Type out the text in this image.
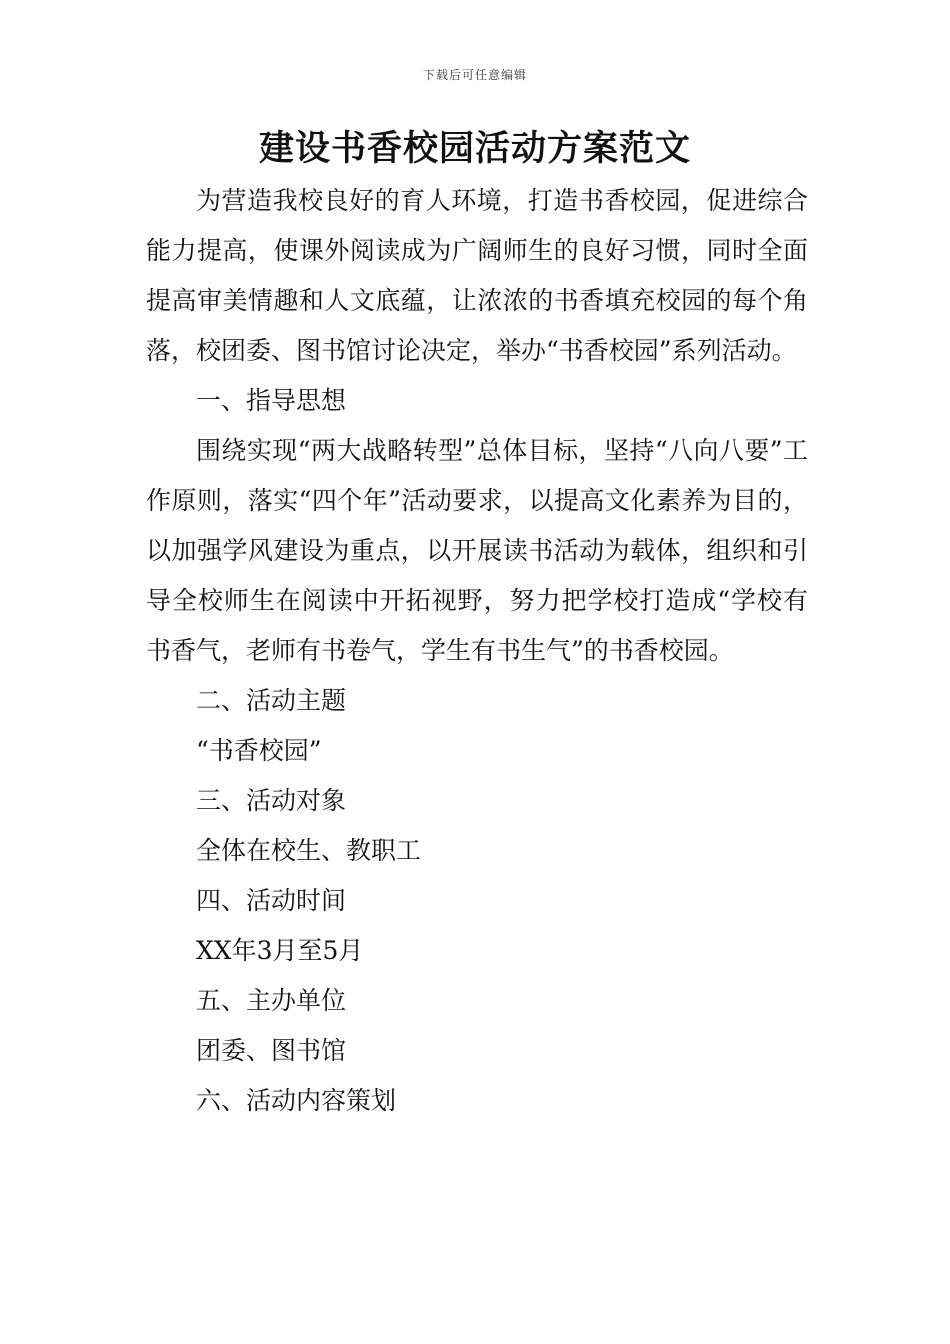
下载后可任意编辑
建设书香校园活动方案范文

为营造我校良好的育人环境，打造书香校园，促进综合能力提高，使课外阅读成为广阔师生的良好习惯，同时全面提高审美情趣和人文底蕴，让浓浓的书香填充校园的每个角落，校团委、图书馆讨论决定，举办“书香校园”系列活动。

一、指导思想

围绕实现“两大战略转型”总体目标，坚持“八向八要”工作原则，落实“四个年”活动要求，以提高文化素养为目的，以加强学风建设为重点，以开展读书活动为载体，组织和引导全校师生在阅读中开拓视野，努力把学校打造成“学校有书香气，老师有书卷气，学生有书生气”的书香校园。

二、活动主题

“书香校园”

三、活动对象

全体在校生、教职工

四、活动时间

XX年3月至5月

五、主办单位

团委、图书馆

六、活动内容策划
